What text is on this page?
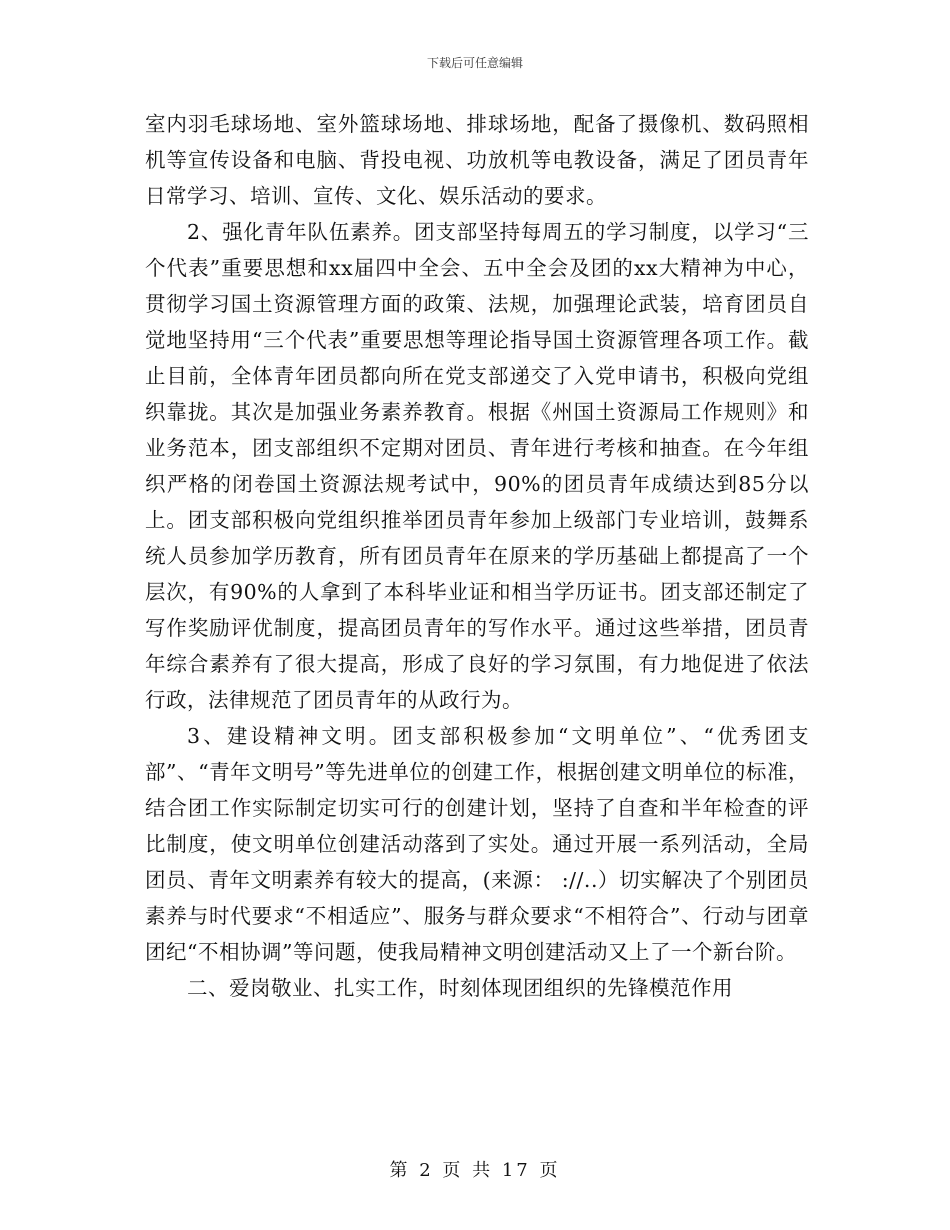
下载后可任意编辑

室内羽毛球场地、室外篮球场地、排球场地，配备了摄像机、数码照相机等宣传设备和电脑、背投电视、功放机等电教设备，满足了团员青年日常学习、培训、宣传、文化、娱乐活动的要求。

2、强化青年队伍素养。团支部坚持每周五的学习制度，以学习“三个代表”重要思想和xx届四中全会、五中全会及团的xx大精神为中心，贯彻学习国土资源管理方面的政策、法规，加强理论武装，培育团员自觉地坚持用“三个代表”重要思想等理论指导国土资源管理各项工作。截止目前，全体青年团员都向所在党支部递交了入党申请书，积极向党组织靠拢。其次是加强业务素养教育。根据《州国土资源局工作规则》和业务范本，团支部组织不定期对团员、青年进行考核和抽查。在今年组织严格的闭卷国土资源法规考试中，90%的团员青年成绩达到85分以上。团支部积极向党组织推举团员青年参加上级部门专业培训，鼓舞系统人员参加学历教育，所有团员青年在原来的学历基础上都提高了一个层次，有90%的人拿到了本科毕业证和相当学历证书。团支部还制定了写作奖励评优制度，提高团员青年的写作水平。通过这些举措，团员青年综合素养有了很大提高，形成了良好的学习氛围，有力地促进了依法行政，法律规范了团员青年的从政行为。

3、建设精神文明。团支部积极参加“文明单位”、“优秀团支部”、“青年文明号”等先进单位的创建工作，根据创建文明单位的标准，结合团工作实际制定切实可行的创建计划，坚持了自查和半年检查的评比制度，使文明单位创建活动落到了实处。通过开展一系列活动，全局团员、青年文明素养有较大的提高，(来源： ://..）切实解决了个别团员素养与时代要求“不相适应”、服务与群众要求“不相符合”、行动与团章团纪“不相协调”等问题，使我局精神文明创建活动又上了一个新台阶。

二、爱岗敬业、扎实工作，时刻体现团组织的先锋模范作用

第 2 页 共 17 页
